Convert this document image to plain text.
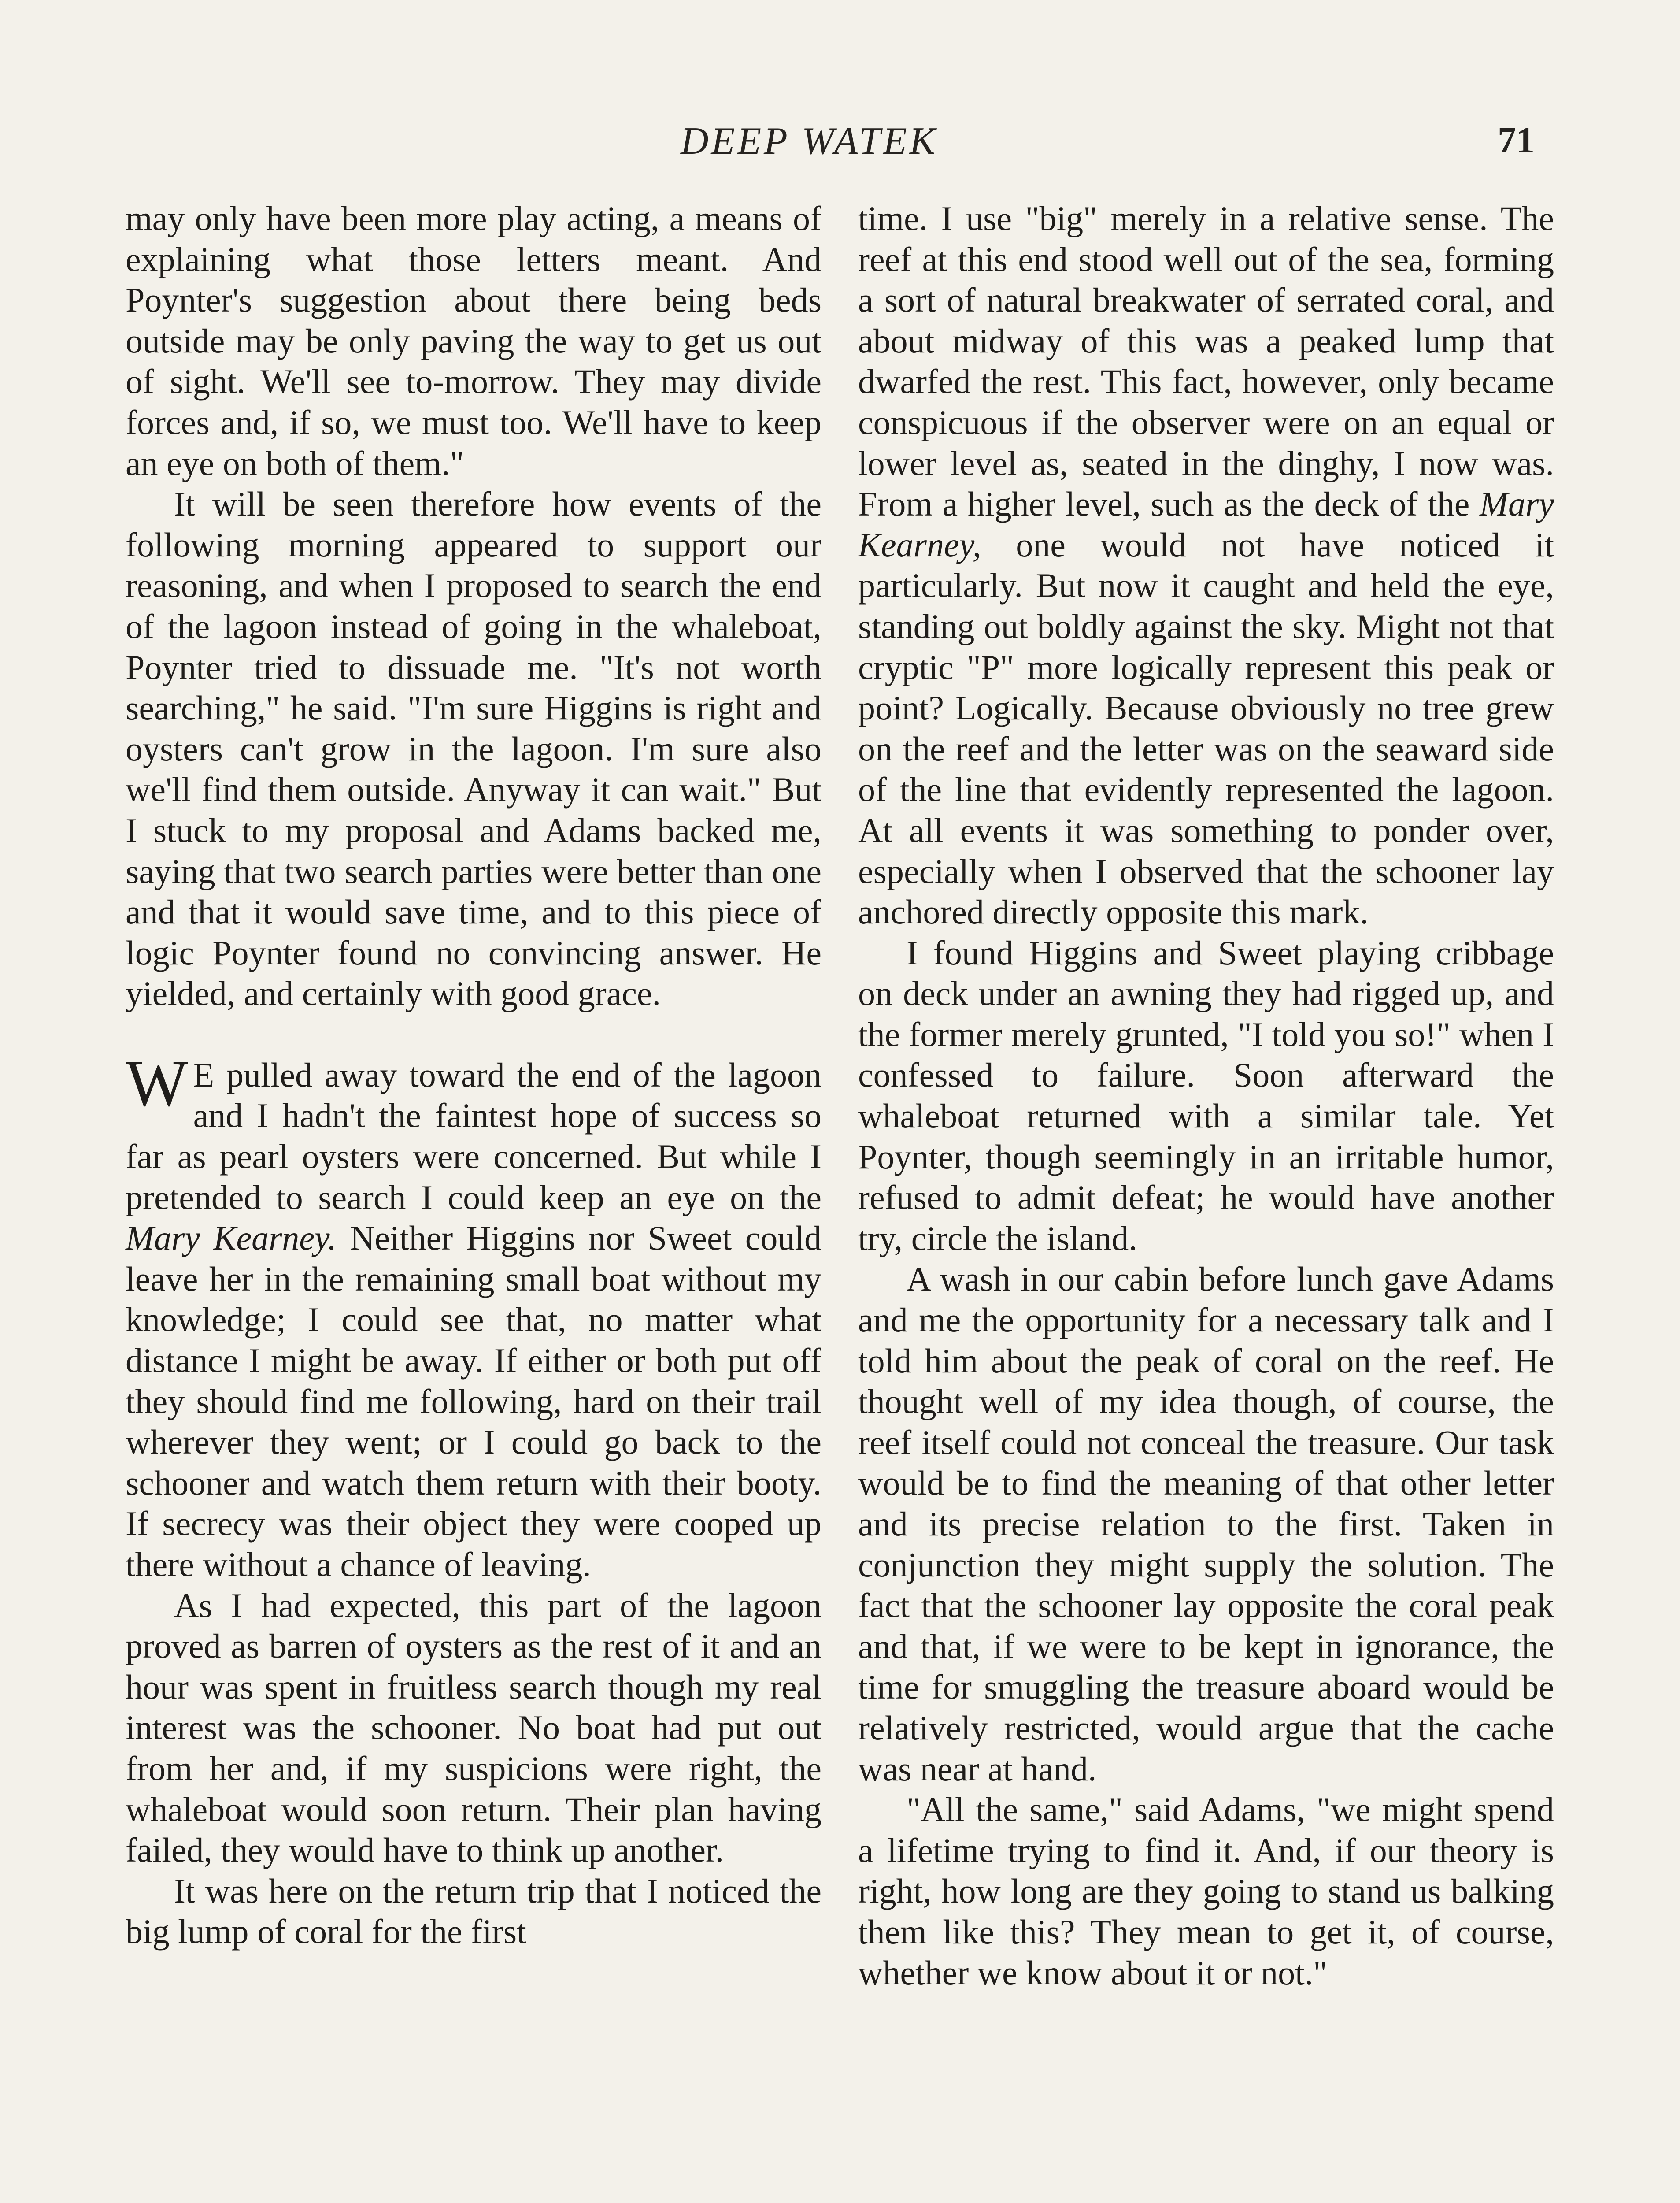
DEEP WATEK	71

may only have been more play acting, a means of explaining what those letters meant. And Poynter's suggestion about there being beds outside may be only paving the way to get us out of sight. We'll see to-morrow. They may divide forces and, if so, we must too. We'll have to keep an eye on both of them."

It will be seen therefore how events of the following morning appeared to support our reasoning, and when I proposed to search the end of the lagoon instead of going in the whaleboat, Poynter tried to dissuade me. "It's not worth searching," he said. "I'm sure Higgins is right and oysters can't grow in the lagoon. I'm sure also we'll find them outside. Anyway it can wait." But I stuck to my proposal and Adams backed me, saying that two search parties were better than one and that it would save time, and to this piece of logic Poynter found no convincing answer. He yielded, and certainly with good grace.

W E pulled away toward the end of the lagoon and I hadn't the faintest hope of success so far as pearl oysters were concerned. But while I pretended to search I could keep an eye on the Mary Kearney. Neither Higgins nor Sweet could leave her in the remaining small boat without my knowledge; I could see that, no matter what distance I might be away. If either or both put off they should find me following, hard on their trail wherever they went; or I could go back to the schooner and watch them return with their booty. If secrecy was their object they were cooped up there without a chance of leaving.

As I had expected, this part of the lagoon proved as barren of oysters as the rest of it and an hour was spent in fruitless search though my real interest was the schooner. No boat had put out from her and, if my suspicions were right, the whaleboat would soon return. Their plan having failed, they would have to think up another.

It was here on the return trip that I noticed the big lump of coral for the first

time. I use "big" merely in a relative sense. The reef at this end stood well out of the sea, forming a sort of natural breakwater of serrated coral, and about midway of this was a peaked lump that dwarfed the rest. This fact, however, only became conspicuous if the observer were on an equal or lower level as, seated in the dinghy, I now was. From a higher level, such as the deck of the Mary Kearney, one would not have noticed it particularly. But now it caught and held the eye, standing out boldly against the sky. Might not that cryptic "P" more logically represent this peak or point? Logically. Because obviously no tree grew on the reef and the letter was on the seaward side of the line that evidently represented the lagoon. At all events it was something to ponder over, especially when I observed that the schooner lay anchored directly opposite this mark.

I found Higgins and Sweet playing cribbage on deck under an awning they had rigged up, and the former merely grunted, "I told you so!" when I confessed to failure. Soon afterward the whaleboat returned with a similar tale. Yet Poynter, though seemingly in an irritable humor, refused to admit defeat; he would have another try, circle the island.

A wash in our cabin before lunch gave Adams and me the opportunity for a necessary talk and I told him about the peak of coral on the reef. He thought well of my idea though, of course, the reef itself could not conceal the treasure. Our task would be to find the meaning of that other letter and its precise relation to the first. Taken in conjunction they might supply the solution. The fact that the schooner lay opposite the coral peak and that, if we were to be kept in ignorance, the time for smuggling the treasure aboard would be relatively restricted, would argue that the cache was near at hand.

"All the same," said Adams, "we might spend a lifetime trying to find it. And, if our theory is right, how long are they going to stand us balking them like this? They mean to get it, of course, whether we know about it or not."
